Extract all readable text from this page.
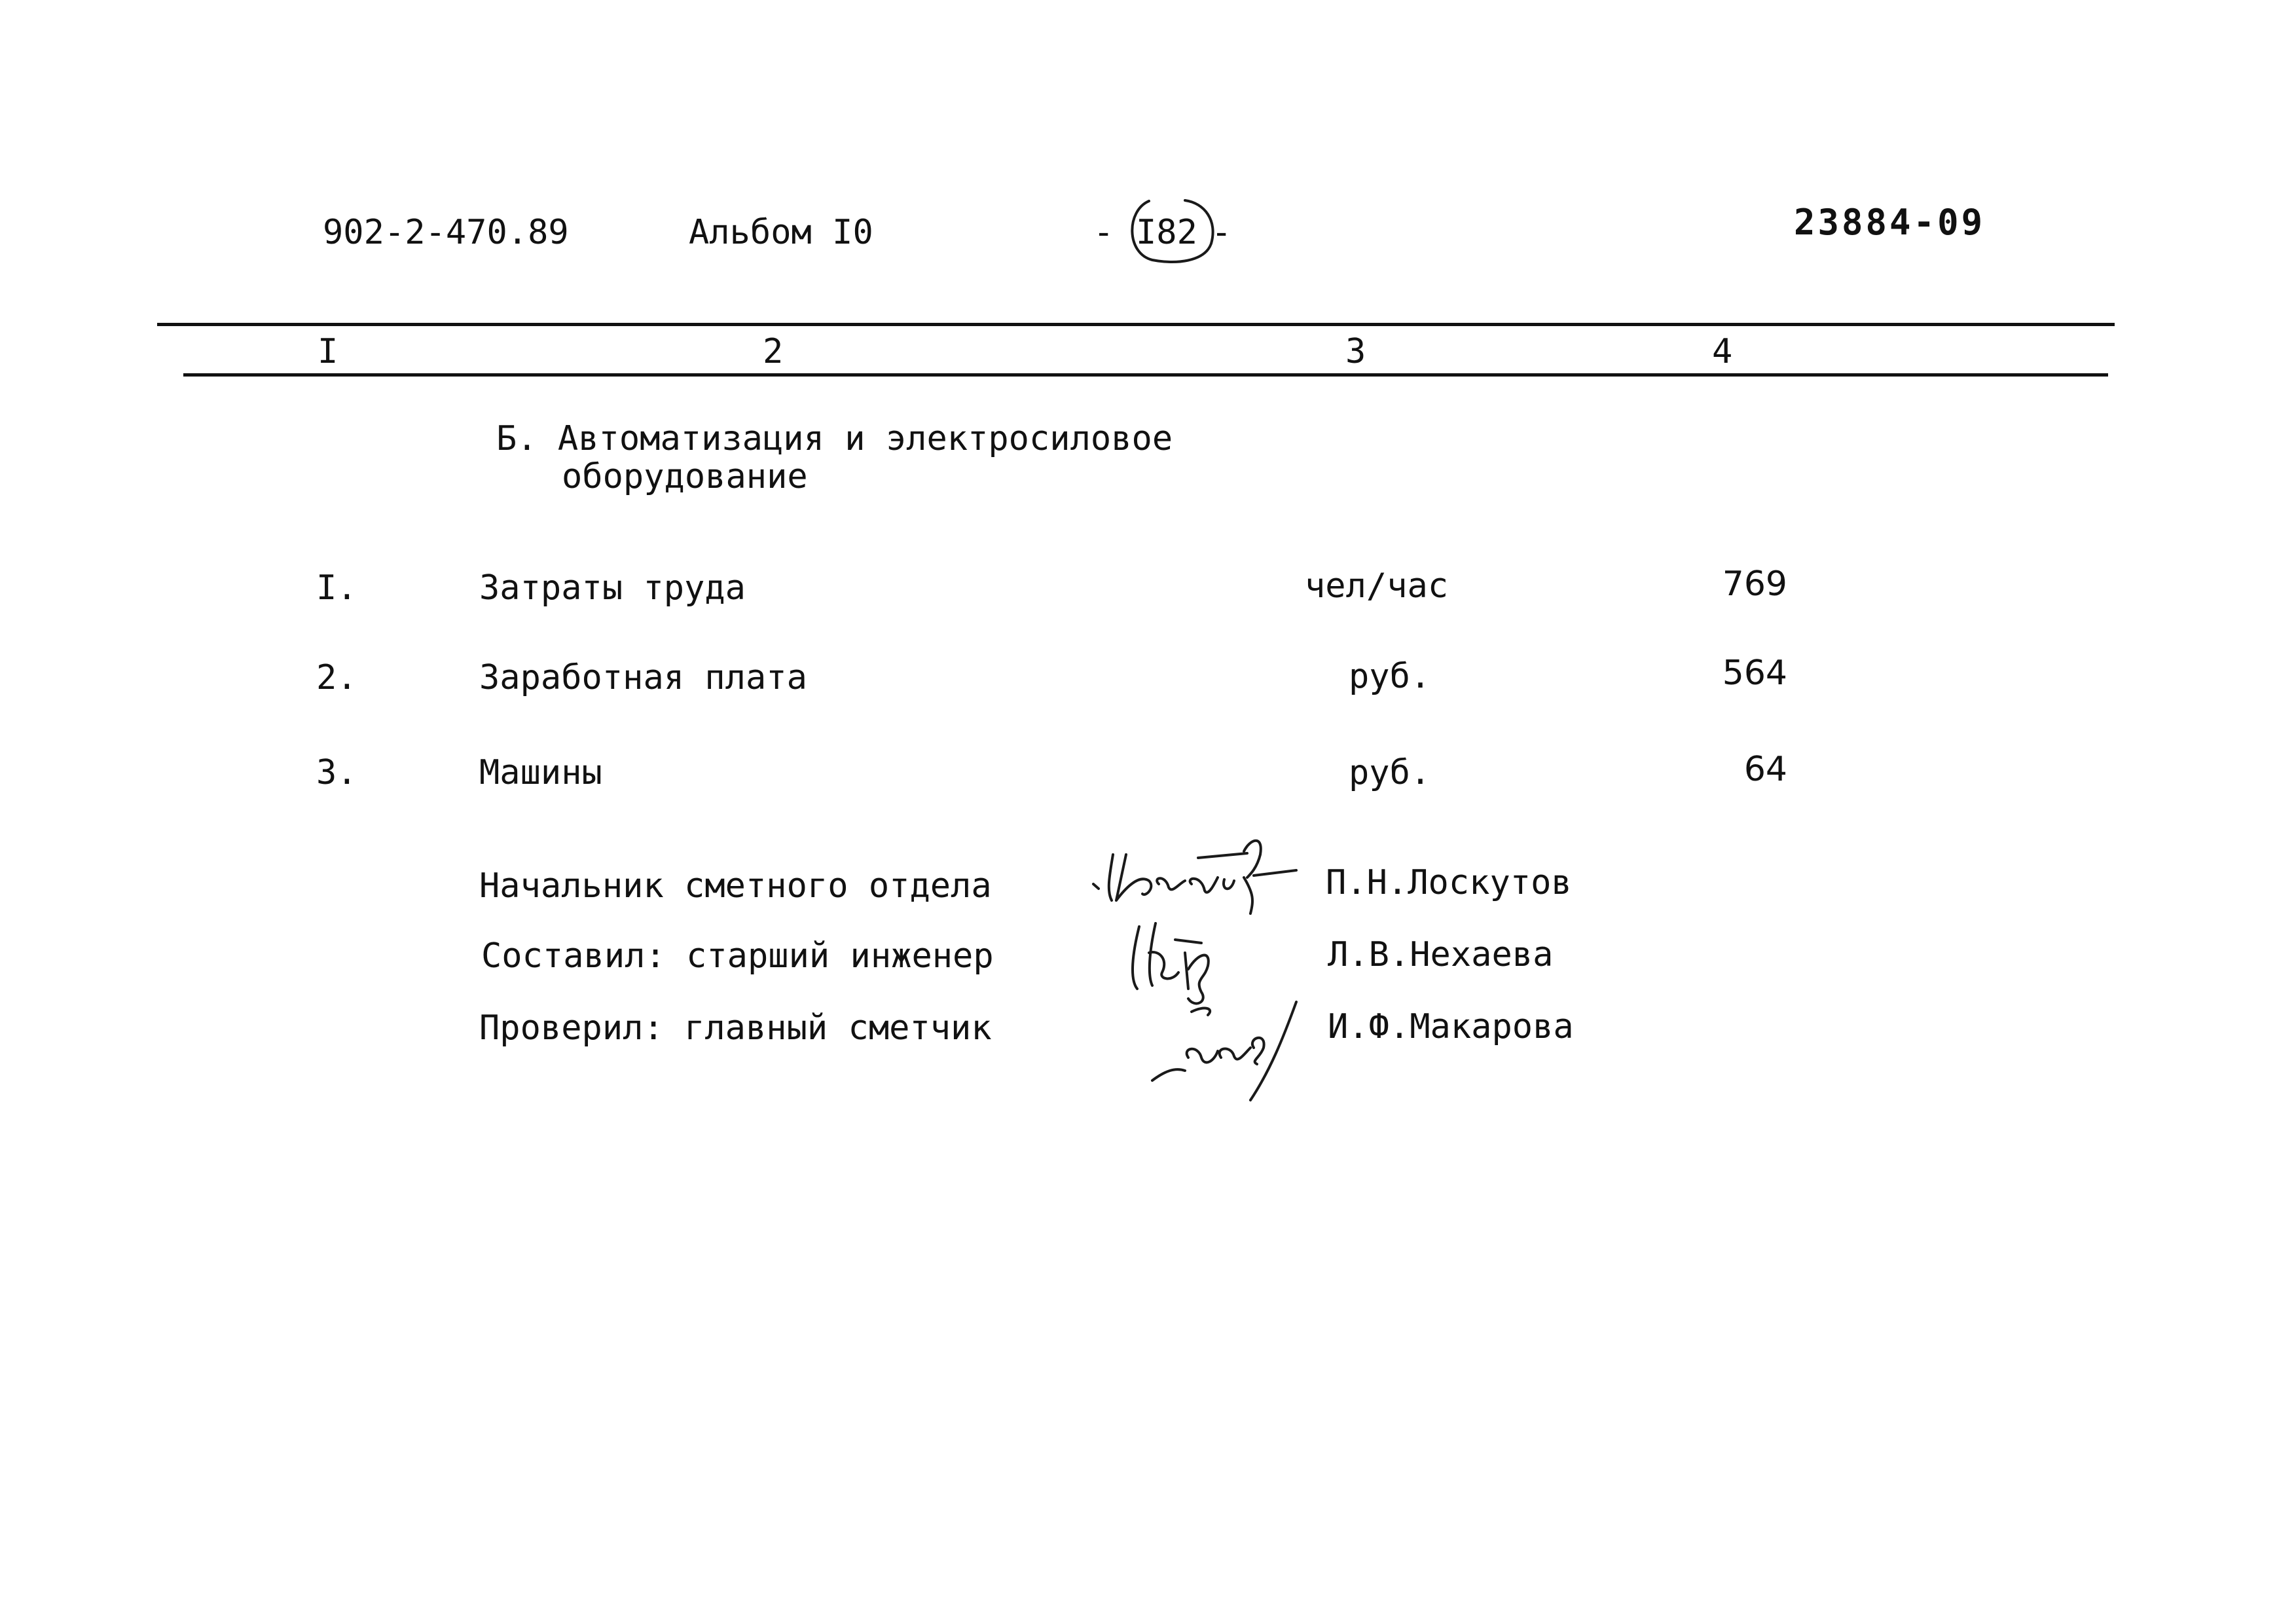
902-2-470.89	Альбом I0	- I82 -	23884-09
I	2	3	4
Б. Автоматизация и электросиловое
оборудование
I.	Затраты труда	чел/час	769
2.	Заработная плата	руб.	564
3.	Машины	руб.	64
Начальник сметного отдела	П.Н.Лоскутов
Составил: старший инженер	Л.В.Нехаева
Проверил: главный сметчик	И.Ф.Макарова
